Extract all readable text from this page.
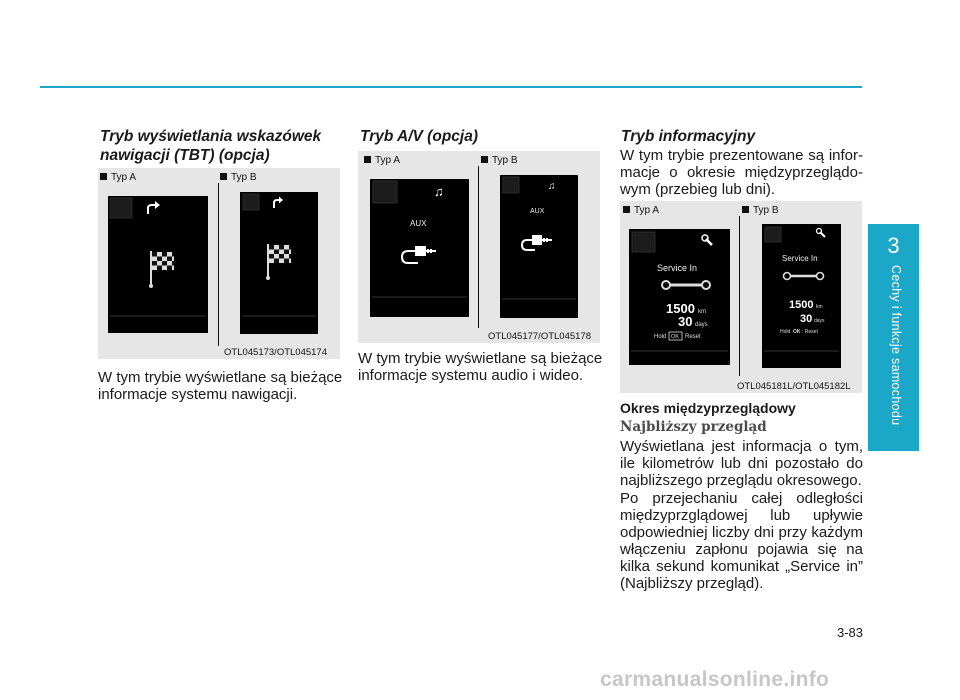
Tryb wyświetlania wskazówek nawigacji (TBT) (opcja)
Typ A	Typ B
OTL045173/OTL045174
W tym trybie wyświetlane są bieżące informacje systemu nawigacji.
Tryb A/V (opcja)
Typ A	Typ B
♫
AUX
♫
AUX
OTL045177/OTL045178
W tym trybie wyświetlane są bieżące informacje systemu audio i wideo.
Tryb informacyjny
W tym trybie prezentowane są infor-macje o okresie międzyprzeglądo-wym (przebieg lub dni).
Typ A	Typ B
Service In
1500 km
30 days
Hold OK Reset
Service In
1500 km
30 days
Hold OK : Reset
OTL045181L/OTL045182L
Okres międzyprzeglądowy
Najbliższy przegląd
Wyświetlana jest informacja o tym, ile kilometrów lub dni pozostało do najbliższego przeglądu okresowego.
Po przejechaniu całej odległości międzyprzglądowej lub upływie odpowiedniej liczby dni przy każdym włączeniu zapłonu pojawia się na kilka sekund komunikat „Service in” (Najbliższy przegląd).
3
Cechy i funkcje samochodu
3-83
carmanualsonline.info
